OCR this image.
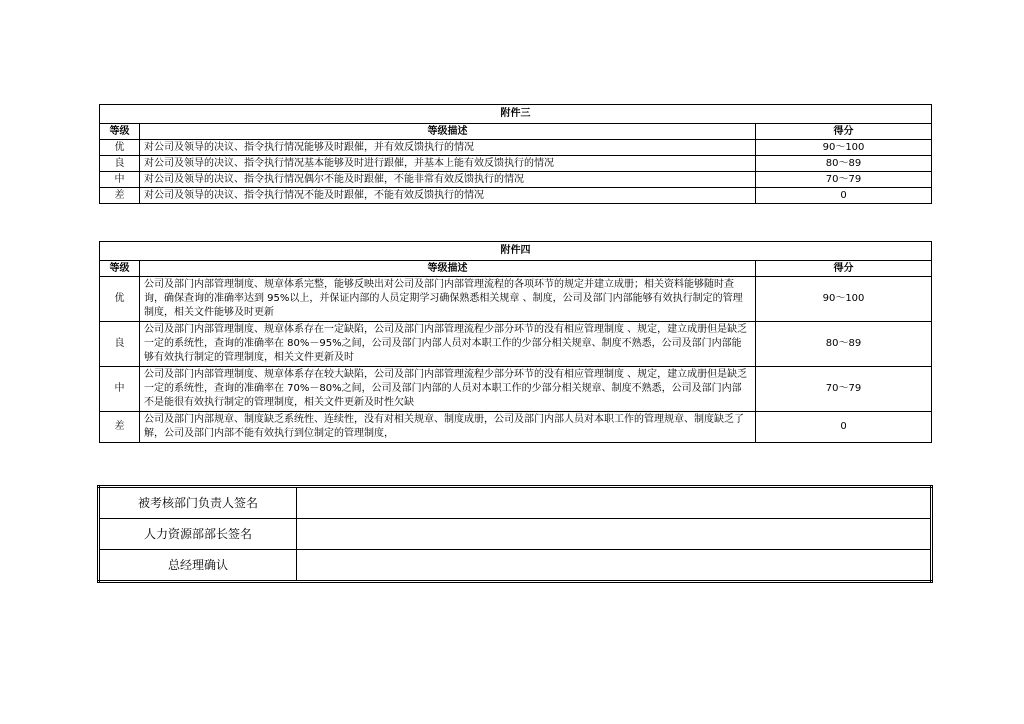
附件三		
等级	等级描述	得分
优	对公司及领导的决议、指令执行情况能够及时跟催，并有效反馈执行的情况	90～100
良	对公司及领导的决议、指令执行情况基本能够及时进行跟催，并基本上能有效反馈执行的情况	80～89
中	对公司及领导的决议、指令执行情况偶尔不能及时跟催，不能非常有效反馈执行的情况	70～79
差	对公司及领导的决议、指令执行情况不能及时跟催，不能有效反馈执行的情况	0
附件四		
等级	等级描述	得分
优	公司及部门内部管理制度、规章体系完整，能够反映出对公司及部门内部管理流程的各项环节的规定并建立成册；相关资料能够随时查询，确保查询的准确率达到 95%以上，并保证内部的人员定期学习确保熟悉相关规章 、制度，公司及部门内部能够有效执行制定的管理制度，相关文件能够及时更新	90～100
良	公司及部门内部管理制度、规章体系存在一定缺陷，公司及部门内部管理流程少部分环节的没有相应管理制度 、规定，建立成册但是缺乏一定的系统性，查询的准确率在 80%－95%之间，公司及部门内部人员对本职工作的少部分相关规章、制度不熟悉，公司及部门内部能够有效执行制定的管理制度，相关文件更新及时	80～89
中	公司及部门内部管理制度、规章体系存在较大缺陷，公司及部门内部管理流程少部分环节的没有相应管理制度 、规定，建立成册但是缺乏一定的系统性，查询的准确率在 70%－80%之间，公司及部门内部的人员对本职工作的少部分相关规章、制度不熟悉，公司及部门内部不是能很有效执行制定的管理制度，相关文件更新及时性欠缺	70～79
差	公司及部门内部规章、制度缺乏系统性、连续性，没有对相关规章、制度成册，公司及部门内部人员对本职工作的管理规章、制度缺乏了解，公司及部门内部不能有效执行到位制定的管理制度，	0
被考核部门负责人签名	
人力资源部部长签名	
总经理确认	
